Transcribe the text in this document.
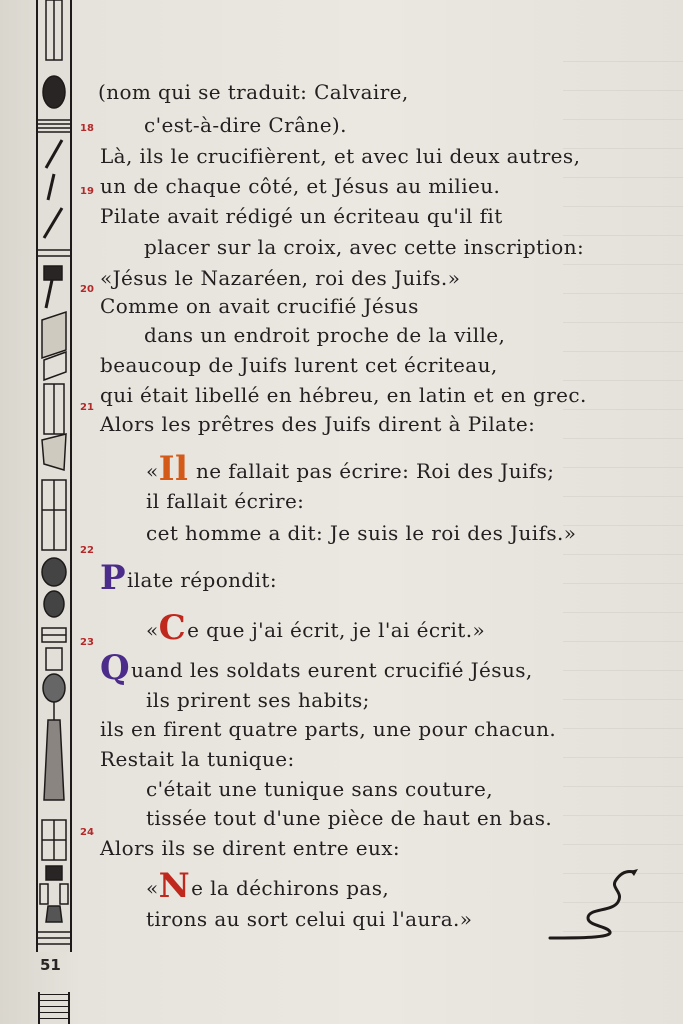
51
18
19
20
21
22
23
24
(nom qui se traduit: Calvaire,
c'est-à-dire Crâne).
Là, ils le crucifièrent, et avec lui deux autres,
un de chaque côté, et Jésus au milieu.
Pilate avait rédigé un écriteau qu'il fit
placer sur la croix, avec cette inscription:
«Jésus le Nazaréen, roi des Juifs.»
Comme on avait crucifié Jésus
dans un endroit proche de la ville,
beaucoup de Juifs lurent cet écriteau,
qui était libellé en hébreu, en latin et en grec.
Alors les prêtres des Juifs dirent à Pilate:
«Il ne fallait pas écrire: Roi des Juifs;
il fallait écrire:
cet homme a dit: Je suis le roi des Juifs.»
Pilate répondit:
«Ce que j'ai écrit, je l'ai écrit.»
Quand les soldats eurent crucifié Jésus,
ils prirent ses habits;
ils en firent quatre parts, une pour chacun.
Restait la tunique:
c'était une tunique sans couture,
tissée tout d'une pièce de haut en bas.
Alors ils se dirent entre eux:
«Ne la déchirons pas,
tirons au sort celui qui l'aura.»
